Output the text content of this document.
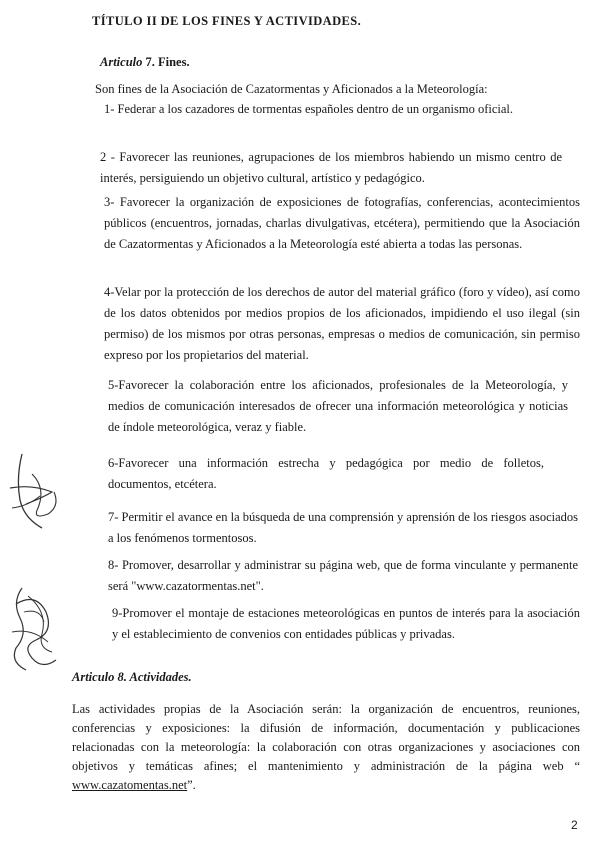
TÍTULO II DE LOS FINES Y ACTIVIDADES.
Articulo 7. Fines.
Son fines de la Asociación de Cazatormentas y Aficionados a la Meteorología:

1- Federar a los cazadores de tormentas españoles dentro de un organismo oficial.

2 - Favorecer las reuniones, agrupaciones de los miembros habiendo un mismo centro de interés, persiguiendo un objetivo cultural, artístico y pedagógico.

3- Favorecer la organización de exposiciones de fotografías, conferencias, acontecimientos públicos (encuentros, jornadas, charlas divulgativas, etcétera), permitiendo que la Asociación de Cazatormentas y Aficionados a la Meteorología esté abierta a todas las personas.

4-Velar por la protección de los derechos de autor del material gráfico (foro y vídeo), así como de los datos obtenidos por medios propios de los aficionados, impidiendo el uso ilegal (sin permiso) de los mismos por otras personas, empresas o medios de comunicación, sin permiso expreso por los propietarios del material.

5-Favorecer la colaboración entre los aficionados, profesionales de la Meteorología, y medios de comunicación interesados de ofrecer una información meteorológica y noticias de índole meteorológica, veraz y fiable.

6-Favorecer una información estrecha y pedagógica por medio de folletos, documentos, etcétera.

7- Permitir el avance en la búsqueda de una comprensión y aprensión de los riesgos asociados a los fenómenos tormentosos.

8- Promover, desarrollar y administrar su página web, que de forma vinculante y permanente será "www.cazatormentas.net".

9-Promover el montaje de estaciones meteorológicas en puntos de interés para la asociación y el establecimiento de convenios con entidades públicas y privadas.

Articulo 8. Actividades.
Las actividades propias de la Asociación serán: la organización de encuentros, reuniones, conferencias y exposiciones: la difusión de información, documentación y publicaciones relacionadas con la meteorología: la colaboración con otras organizaciones y asociaciones con objetivos y temáticas afines; el mantenimiento y administración de la página web “ www.cazatomentas.net”.
2
